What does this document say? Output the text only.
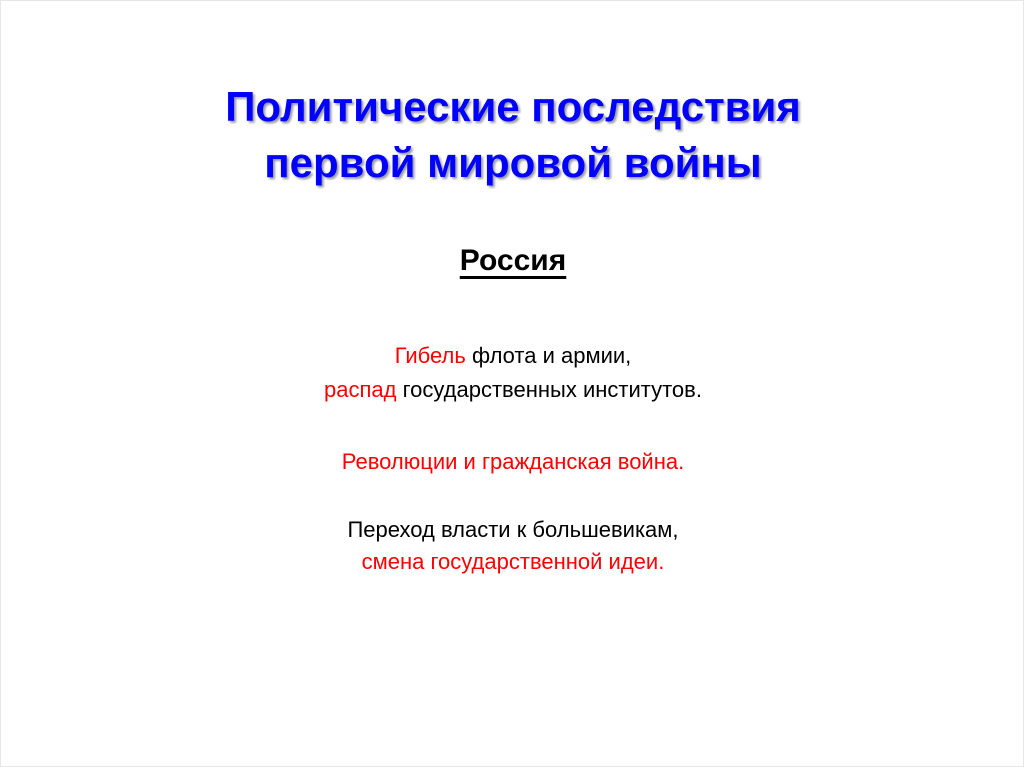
Политические последствия
первой мировой войны
Россия
Гибель флота и армии,
распад государственных институтов.
Революции и гражданская война.
Переход власти к большевикам,
смена государственной идеи.
